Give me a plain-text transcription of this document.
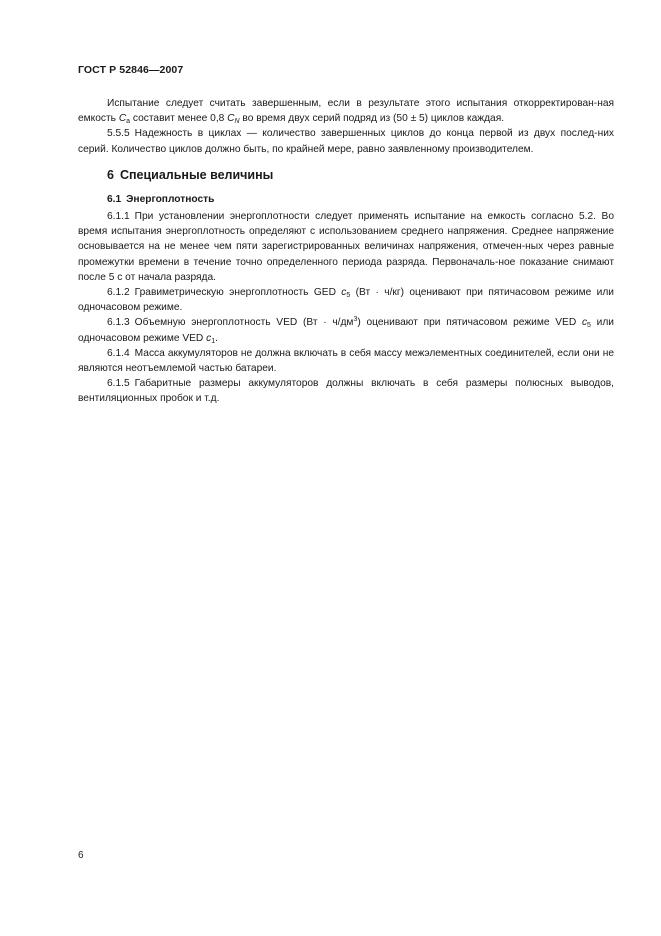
ГОСТ Р 52846—2007

Испытание следует считать завершенным, если в результате этого испытания откорректирован-ная емкость $C_a$ составит менее 0,8 $C_N$ во время двух серий подряд из (50 ± 5) циклов каждая.

5.5.5 Надежность в циклах — количество завершенных циклов до конца первой из двух послед-них серий. Количество циклов должно быть, по крайней мере, равно заявленному производителем.

6 Специальные величины
6.1 Энергоплотность

6.1.1 При установлении энергоплотности следует применять испытание на емкость согласно 5.2. Во время испытания энергоплотность определяют с использованием среднего напряжения. Среднее напряжение основывается на не менее чем пяти зарегистрированных величинах напряжения, отмечен-ных через равные промежутки времени в течение точно определенного периода разряда. Первоначаль-ное показание снимают после 5 с от начала разряда.

6.1.2 Гравиметрическую энергоплотность GED $c_5$ (Вт · ч/кг) оценивают при пятичасовом режиме или одночасовом режиме.

6.1.3 Объемную энергоплотность VED $(Вт \cdot ч/дм^3)$ оценивают при пятичасовом режиме VED $c_5$ или одночасовом режиме VED $c_1$.

6.1.4 Масса аккумуляторов не должна включать в себя массу межэлементных соединителей, если они не являются неотъемлемой частью батареи.

6.1.5 Габаритные размеры аккумуляторов должны включать в себя размеры полюсных выводов, вентиляционных пробок и т.д.

6
